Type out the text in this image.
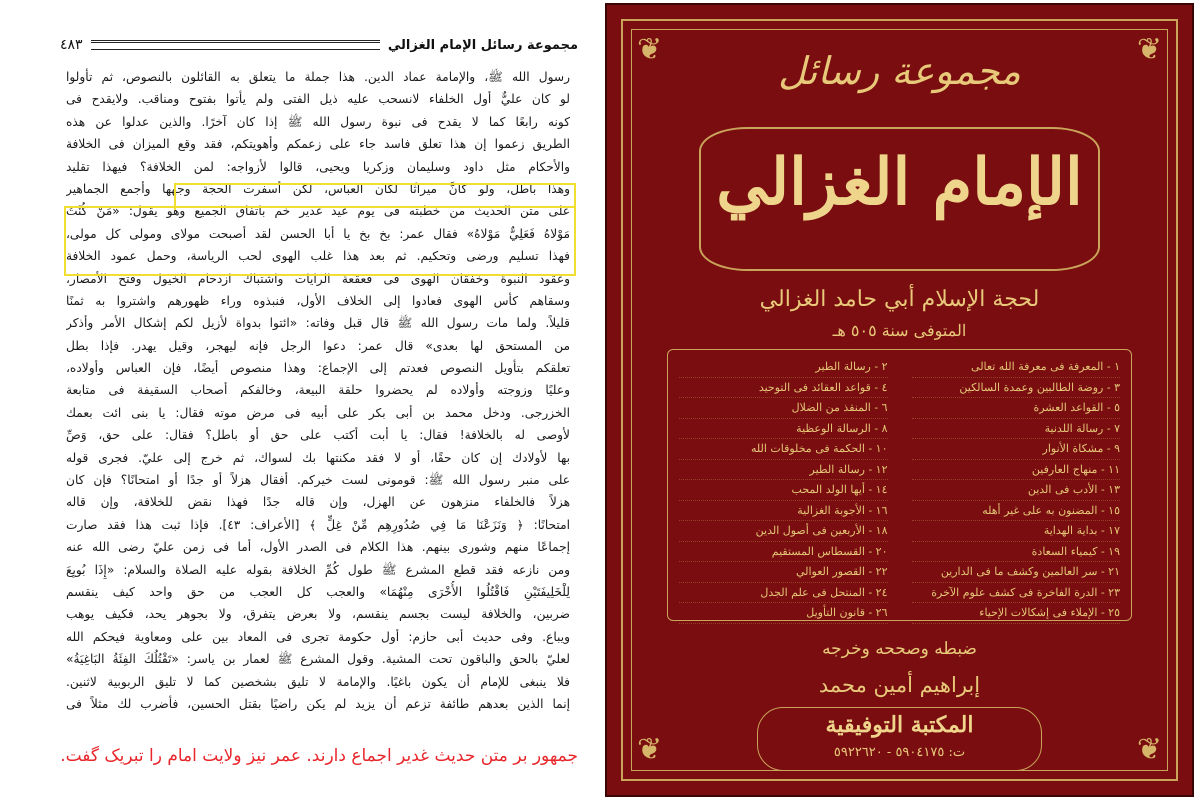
مجموعة رسائل الإمام الغزالي
٤٨٣
رسول الله ﷺ، والإمامة عماد الدين. هذا جملة ما يتعلق به القائلون بالنصوص، ثم تأولوا
لو كان عليٌّ أول الخلفاء لانسحب عليه ذيل الفتى ولم يأتوا بفتوح ومناقب. ولايقدح فى
كونه رابعًا كما لا يقدح فى نبوة رسول الله ﷺ إذا كان آخرًا. والذين عدلوا عن هذه
الطريق زعموا إن هذا تعلق فاسد جاء على زعمكم وأهويتكم، فقد وقع الميزان فى الخلافة
والأحكام مثل داود وسليمان وزكريا ويحيى، قالوا لأزواجه: لمن الخلافة؟ فيهذا تقليد
وهذا باطل، ولو كانَّ ميراثًا لكان العباس، لكن أسفرت الحجة وجهها وأجمع الجماهير
على متن الحديث من خطبته فى يوم عيد غدير خم باتفاق الجميع وهو يقول: «مَنْ كُنْتُ
مَوْلاهُ فَعَلِيٌّ مَوْلاهُ» فقال عمر: بخ بخ يا أبا الحسن لقد أصبحت مولاى ومولى كل مولى،
فهذا تسليم ورضى وتحكيم. ثم بعد هذا غلب الهوى لحب الرياسة، وحمل عمود الخلافة
وعقود النبوة وخفقان الهوى فى قعقعة الرايات واشتباك ازدحام الخيول وفتح الأمصار،
وسقاهم كأس الهوى فعادوا إلى الخلاف الأول، فنبذوه وراء ظهورهم واشتروا به ثمنًا
قليلاً. ولما مات رسول الله ﷺ قال قبل وفاته: «ائتوا بدواة لأزيل لكم إشكال الأمر وأذكر
من المستحق لها بعدى» قال عمر: دعوا الرجل فإنه ليهجر، وقيل يهدر. فإذا بطل
تعلقكم بتأويل النصوص فعدتم إلى الإجماع: وهذا منصوص أيضًا، فإن العباس وأولاده،
وعليًا وزوجته وأولاده لم يحضروا حلقة البيعة، وخالفكم أصحاب السقيفة فى متابعة
الخزرجى. ودخل محمد بن أبى بكر على أبيه فى مرض موته فقال: يا بنى ائت بعمك
لأوصى له بالخلافة! فقال: يا أبت أكتب على حق أو باطل؟ فقال: على حق، وَصِّ
بها لأولادك إن كان حقًا، أو لا فقد مكنتها بك لسواك، ثم خرج إلى عليّ. فجرى قوله
على منبر رسول الله ﷺ: قومونى لست خيركم. أفقال هزلاً أو جدًا أو امتحانًا؟ فإن كان
هزلاً فالخلفاء منزهون عن الهزل، وإن قاله جدًا فهذا نقض للخلافة، وإن قاله
امتحانًا: ﴿ وَنَزَعْنَا مَا فِي صُدُورِهِم مِّنْ غِلٍّ ﴾ [الأعراف: ٤٣]. فإذا ثبت هذا فقد صارت
إجماعًا منهم وشورى بينهم. هذا الكلام فى الصدر الأول، أما فى زمن عليّ رضى الله عنه
ومن نازعه فقد قطع المشرع ﷺ طول كُمِّ الخلافة بقوله عليه الصلاة والسلام: «إِذَا بُويِعَ
لِلْخَلِيفَتَيْنِ فَاقْتُلُوا الأُخْرَى مِنْهُمَا» والعجب كل العجب من حق واحد كيف ينقسم
ضربين، والخلافة ليست بجسم ينقسم، ولا بعرض يتفرق، ولا بجوهر يحد، فكيف يوهب
ويباع. وفى حديث أبى حازم: أول حكومة تجرى فى المعاد بين على ومعاوية فيحكم الله
لعليّ بالحق والباقون تحت المشية. وقول المشرع ﷺ لعمار بن ياسر: «تَقْتُلُكَ الفِئَةُ البَاغِيَةُ»
فلا ينبغى للإمام أن يكون باغيًا. والإمامة لا تليق بشخصين كما لا تليق الربوبية لاثنين.
إنما الذين بعدهم طائفة تزعم أن يزيد لم يكن راضيًا بقتل الحسين، فأضرب لك مثلاً فى
جمهور بر متن حدیث غدیر اجماع دارند. عمر نیز ولایت امام را تبریک گفت.
❦	❦
❦	❦
مجموعة رسائل
الإمام الغزالي
لحجة الإسلام أبي حامد الغزالي
المتوفى سنة ٥٠٥ هـ
١ - المعرفة فى معرفة الله تعالى
٢ - رسالة الطير
٣ - روضة الطالبين وعمدة السالكين
٤ - قواعد العقائد فى التوحيد
٥ - القواعد العشرة
٦ - المنقذ من الضلال
٧ - رسالة اللدنية
٨ - الرسالة الوعظية
٩ - مشكاة الأنوار
١٠ - الحكمة فى مخلوقات الله
١١ - منهاج العارفين
١٢ - رسالة الطير
١٣ - الأدب فى الدين
١٤ - أيها الولد المحب
١٥ - المضنون به على غير أهله
١٦ - الأجوبة الغزالية
١٧ - بداية الهداية
١٨ - الأربعين فى أصول الدين
١٩ - كيمياء السعادة
٢٠ - القسطاس المستقيم
٢١ - سر العالمين وكشف ما فى الدارين
٢٢ - القصور العوالي
٢٣ - الدرة الفاخرة فى كشف علوم الآخرة
٢٤ - المنتحل فى علم الجدل
٢٥ - الإملاء فى إشكالات الإحياء
٢٦ - قانون التأويل
ضبطه وصححه وخرجه
إبراهيم أمين محمد
المكتبة التوفيقية
ت: ٥٩٠٤١٧٥ - ٥٩٢٢٦٢٠
